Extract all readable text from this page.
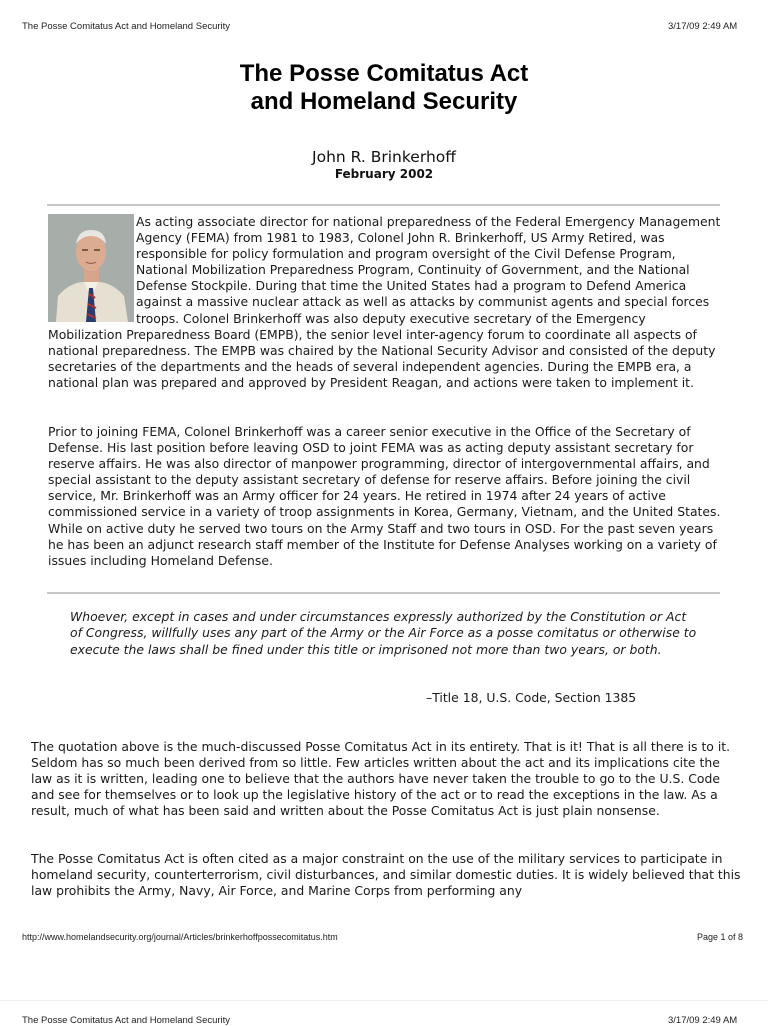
The Posse Comitatus Act and Homeland Security	3/17/09 2:49 AM
The Posse Comitatus Act
and Homeland Security
John R. Brinkerhoff
February 2002
As acting associate director for national preparedness of the Federal Emergency Management Agency (FEMA) from 1981 to 1983, Colonel John R. Brinkerhoff, US Army Retired, was responsible for policy formulation and program oversight of the Civil Defense Program, National Mobilization Preparedness Program, Continuity of Government, and the National Defense Stockpile. During that time the United States had a program to Defend America against a massive nuclear attack as well as attacks by communist agents and special forces troops. Colonel Brinkerhoff was also deputy executive secretary of the Emergency Mobilization Preparedness Board (EMPB), the senior level inter-agency forum to coordinate all aspects of national preparedness. The EMPB was chaired by the National Security Advisor and consisted of the deputy secretaries of the departments and the heads of several independent agencies. During the EMPB era, a national plan was prepared and approved by President Reagan, and actions were taken to implement it.

Prior to joining FEMA, Colonel Brinkerhoff was a career senior executive in the Office of the Secretary of Defense. His last position before leaving OSD to joint FEMA was as acting deputy assistant secretary for reserve affairs. He was also director of manpower programming, director of intergovernmental affairs, and special assistant to the deputy assistant secretary of defense for reserve affairs. Before joining the civil service, Mr. Brinkerhoff was an Army officer for 24 years. He retired in 1974 after 24 years of active commissioned service in a variety of troop assignments in Korea, Germany, Vietnam, and the United States. While on active duty he served two tours on the Army Staff and two tours in OSD. For the past seven years he has been an adjunct research staff member of the Institute for Defense Analyses working on a variety of issues including Homeland Defense.

Whoever, except in cases and under circumstances expressly authorized by the Constitution or Act of Congress, willfully uses any part of the Army or the Air Force as a posse comitatus or otherwise to execute the laws shall be fined under this title or imprisoned not more than two years, or both.

–Title 18, U.S. Code, Section 1385

The quotation above is the much-discussed Posse Comitatus Act in its entirety. That is it! That is all there is to it. Seldom has so much been derived from so little. Few articles written about the act and its implications cite the law as it is written, leading one to believe that the authors have never taken the trouble to go to the U.S. Code and see for themselves or to look up the legislative history of the act or to read the exceptions in the law. As a result, much of what has been said and written about the Posse Comitatus Act is just plain nonsense.

The Posse Comitatus Act is often cited as a major constraint on the use of the military services to participate in homeland security, counterterrorism, civil disturbances, and similar domestic duties. It is widely believed that this law prohibits the Army, Navy, Air Force, and Marine Corps from performing any

http://www.homelandsecurity.org/journal/Articles/brinkerhoffpossecomitatus.htm	Page 1 of 8
The Posse Comitatus Act and Homeland Security	3/17/09 2:49 AM
